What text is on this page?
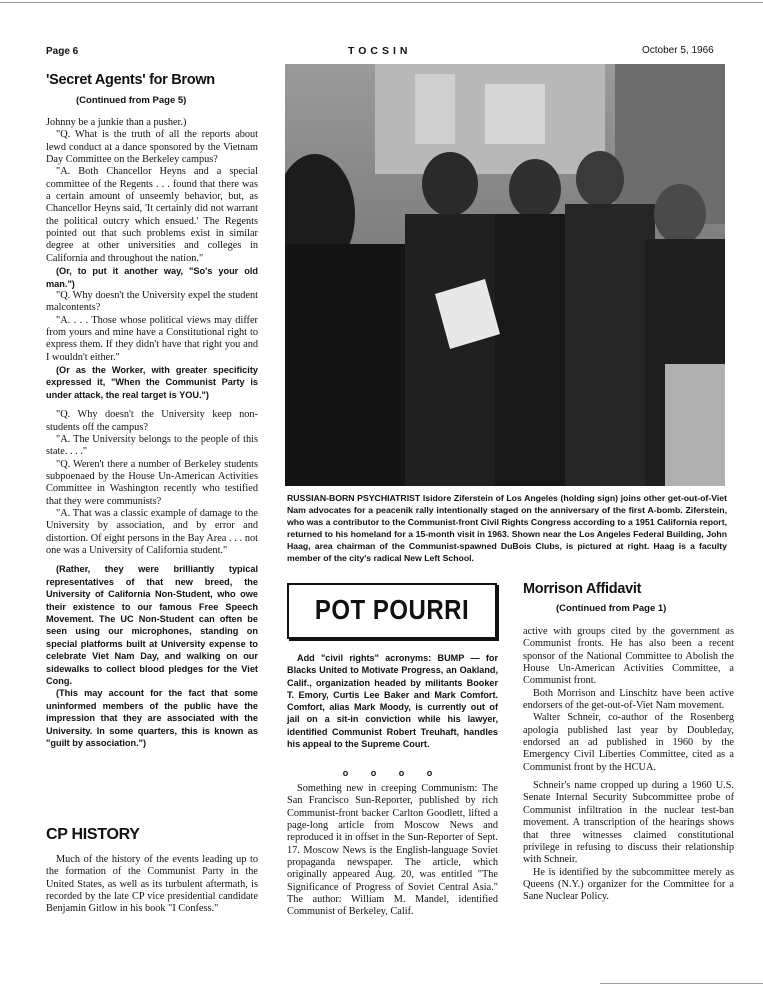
Page 6	TOCSIN	October 5, 1966
'Secret Agents' for Brown
(Continued from Page 5)

Johnny be a junkie than a pusher.)

"Q. What is the truth of all the reports about lewd conduct at a dance sponsored by the Vietnam Day Committee on the Berkeley campus?

"A. Both Chancellor Heyns and a special committee of the Regents . . . found that there was a certain amount of unseemly behavior, but, as Chancellor Heyns said, 'It certainly did not warrant the political outcry which ensued.' The Regents pointed out that such problems exist in similar degree at other universities and colleges in California and throughout the nation."

(Or, to put it another way, "So's your old man.")

"Q. Why doesn't the University expel the student malcontents?

"A. . . . Those whose political views may differ from yours and mine have a Constitutional right to express them. If they didn't have that right you and I wouldn't either."

(Or as the Worker, with greater specificity expressed it, "When the Communist Party is under attack, the real target is YOU.")

"Q. Why doesn't the University keep non-students off the campus?

"A. The University belongs to the people of this state. . . ."

"Q. Weren't there a number of Berkeley students subpoenaed by the House Un-American Activities Committee in Washington recently who testified that they were communists?

"A. That was a classic example of damage to the University by association, and by error and distortion. Of eight persons in the Bay Area . . . not one was a University of California student."

(Rather, they were brilliantly typical representatives of that new breed, the University of California Non-Student, who owe their existence to our famous Free Speech Movement. The UC Non-Student can often be seen using our microphones, standing on special platforms built at University expense to celebrate Viet Nam Day, and walking on our sidewalks to collect blood pledges for the Viet Cong.

(This may account for the fact that some uninformed members of the public have the impression that they are associated with the University. In some quarters, this is known as "guilt by association.")

CP HISTORY

Much of the history of the events leading up to the formation of the Communist Party in the United States, as well as its turbulent aftermath, is recorded by the late CP vice presidential candidate Benjamin Gitlow in his book "I Confess."

RUSSIAN-BORN PSYCHIATRIST Isidore Ziferstein of Los Angeles (holding sign) joins other get-out-of-Viet Nam advocates for a peacenik rally intentionally staged on the anniversary of the first A-bomb. Ziferstein, who was a contributor to the Communist-front Civil Rights Congress according to a 1951 California report, returned to his homeland for a 15-month visit in 1963. Shown near the Los Angeles Federal Building, John Haag, area chairman of the Communist-spawned DuBois Clubs, is pictured at right. Haag is a faculty member of the city's radical New Left School.
POT POURRI

Add "civil rights" acronyms: BUMP — for Blacks United to Motivate Progress, an Oakland, Calif., organization headed by militants Booker T. Emory, Curtis Lee Baker and Mark Comfort. Comfort, alias Mark Moody, is currently out of jail on a sit-in conviction while his lawyer, identified Communist Robert Treuhaft, handles his appeal to the Supreme Court.

o o o o

Something new in creeping Communism: The San Francisco Sun-Reporter, published by rich Communist-front backer Carlton Goodlett, lifted a page-long article from Moscow News and reproduced it in offset in the Sun-Reporter of Sept. 17. Moscow News is the English-language Soviet propaganda newspaper. The article, which originally appeared Aug. 20, was entitled "The Significance of Progress of Soviet Central Asia." The author: William M. Mandel, identified Communist of Berkeley, Calif.

Morrison Affidavit
(Continued from Page 1)

active with groups cited by the government as Communist fronts. He has also been a recent sponsor of the National Committee to Abolish the House Un-American Activities Committee, a Communist front.

Both Morrison and Linschitz have been active endorsers of the get-out-of-Viet Nam movement.

Walter Schneir, co-author of the Rosenberg apologia published last year by Doubleday, endorsed an ad published in 1960 by the Emergency Civil Liberties Committee, cited as a Communist front by the HCUA.

Schneir's name cropped up during a 1960 U.S. Senate Internal Security Subcommittee probe of Communist infiltration in the nuclear test-ban movement. A transcription of the hearings shows that three witnesses claimed constitutional privilege in refusing to discuss their relationship with Schneir.

He is identified by the subcommittee merely as Queens (N.Y.) organizer for the Committee for a Sane Nuclear Policy.
